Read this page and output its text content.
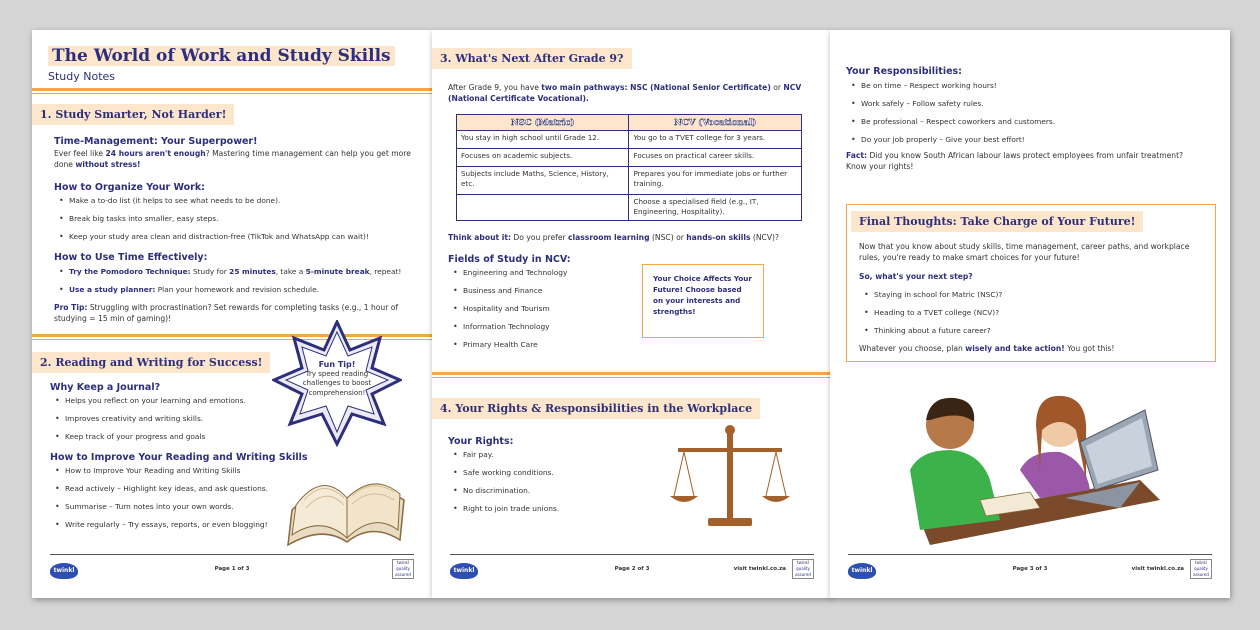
The World of Work and Study Skills
Study Notes
1. Study Smarter, Not Harder!
Time-Management: Your Superpower!
Ever feel like 24 hours aren't enough? Mastering time management can help you get more done without stress!
How to Organize Your Work:
• Make a to-do list (it helps to see what needs to be done).
• Break big tasks into smaller, easy steps.
• Keep your study area clean and distraction-free (TikTok and WhatsApp can wait)!
How to Use Time Effectively:
• Try the Pomodoro Technique: Study for 25 minutes, take a 5-minute break, repeat!
• Use a study planner: Plan your homework and revision schedule.
Pro Tip: Struggling with procrastination? Set rewards for completing tasks (e.g., 1 hour of studying = 15 min of gaming)!
2. Reading and Writing for Success!
Why Keep a Journal?
• Helps you reflect on your learning and emotions.
• Improves creativity and writing skills.
• Keep track of your progress and goals
Fun Tip!
Try speed reading challenges to boost comprehension!
How to Improve Your Reading and Writing Skills
• How to Improve Your Reading and Writing Skills
• Read actively – Highlight key ideas, and ask questions.
• Summarise – Turn notes into your own words.
• Write regularly – Try essays, reports, or even blogging!
twinkl	Page 1 of 3
twinkl quality assured
3. What's Next After Grade 9?
After Grade 9, you have two main pathways: NSC (National Senior Certificate) or NCV (National Certificate Vocational).
NSC (Matric)	NCV (Vocational)
You stay in high school until Grade 12.	You go to a TVET college for 3 years.
Focuses on academic subjects.	Focuses on practical career skills.
Subjects include Maths, Science, History, etc.	Prepares you for immediate jobs or further training.
	Choose a specialised field (e.g., IT, Engineering, Hospitality).
Think about it: Do you prefer classroom learning (NSC) or hands-on skills (NCV)?
Fields of Study in NCV:
• Engineering and Technology
• Business and Finance
• Hospitality and Tourism
• Information Technology
• Primary Health Care
Your Choice Affects Your Future! Choose based on your interests and strengths!
4. Your Rights & Responsibilities in the Workplace
Your Rights:
• Fair pay.
• Safe working conditions.
• No discrimination.
• Right to join trade unions.
twinkl	Page 2 of 3	visit twinkl.co.za
twinkl quality assured
Your Responsibilities:
• Be on time – Respect working hours!
• Work safely – Follow safety rules.
• Be professional – Respect coworkers and customers.
• Do your job properly – Give your best effort!
Fact: Did you know South African labour laws protect employees from unfair treatment? Know your rights!
Final Thoughts: Take Charge of Your Future!
Now that you know about study skills, time management, career paths, and workplace rules, you're ready to make smart choices for your future!
So, what's your next step?
• Staying in school for Matric (NSC)?
• Heading to a TVET college (NCV)?
• Thinking about a future career?
Whatever you choose, plan wisely and take action! You got this!
twinkl	Page 3 of 3	visit twinkl.co.za
twinkl quality assured
